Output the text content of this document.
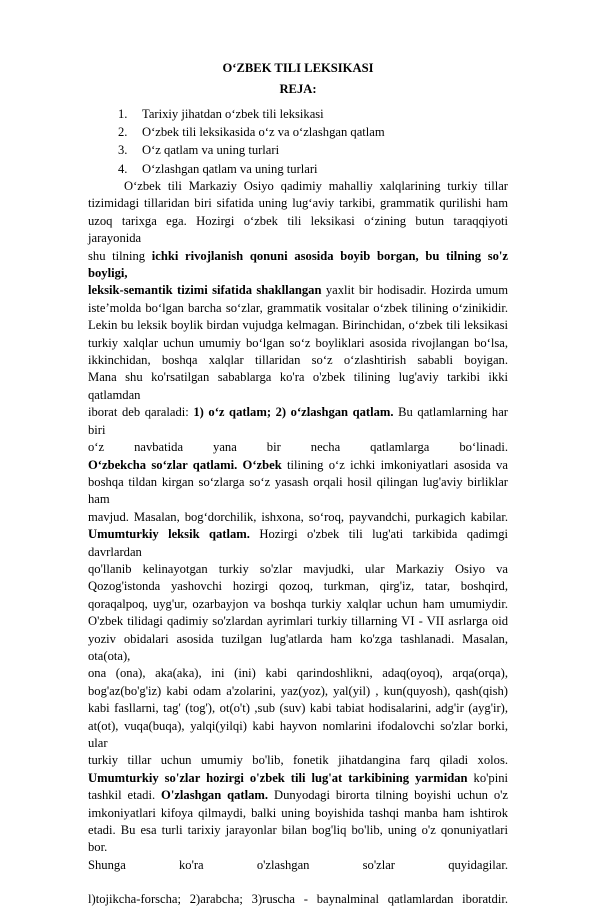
O‘ZBEK TILI LEKSIKASI
REJA:
1. Tarixiy jihatdan o‘zbek tili leksikasi
2. O‘zbek tili leksikasida o‘z va o‘zlashgan qatlam
3. O‘z qatlam va uning turlari
4. O‘zlashgan qatlam va uning turlari

O‘zbek tili Markaziy Osiyo qadimiy mahalliy xalqlarining turkiy tillar

tizimidagi tillaridan biri sifatida uning lug‘aviy tarkibi, grammatik qurilishi ham

uzoq tarixga ega. Hozirgi o‘zbek tili leksikasi o‘zining butun taraqqiyoti jarayonida

shu tilning ichki rivojlanish qonuni asosida boyib borgan, bu tilning so'z boyligi,

leksik-semantik tizimi sifatida shakllangan yaxlit bir hodisadir. Hozirda umum

iste’molda bo‘lgan barcha so‘zlar, grammatik vositalar o‘zbek tilining o‘zinikidir.

Lekin bu leksik boylik birdan vujudga kelmagan. Birinchidan, o‘zbek tili leksikasi

turkiy xalqlar uchun umumiy bo‘lgan so‘z boyliklari asosida rivojlangan bo‘lsa,

ikkinchidan, boshqa xalqlar tillaridan so‘z o‘zlashtirish sababli boyigan.

Mana shu ko'rsatilgan sabablarga ko'ra o'zbek tilining lug'aviy tarkibi ikki qatlamdan

iborat deb qaraladi: 1) o‘z qatlam; 2) o‘zlashgan qatlam. Bu qatlamlarning har biri

o‘z navbatida yana bir necha qatlamlarga bo‘linadi.

O‘zbekcha so‘zlar qatlami. O‘zbek tilining o‘z ichki imkoniyatlari asosida va

boshqa tildan kirgan so‘zlarga so‘z yasash orqali hosil qilingan lug'aviy birliklar ham

mavjud. Masalan, bog‘dorchilik, ishxona, so‘roq, payvandchi, purkagich kabilar.

Umumturkiy leksik qatlam. Hozirgi o'zbek tili lug'ati tarkibida qadimgi davrlardan

qo'llanib kelinayotgan turkiy so'zlar mavjudki, ular Markaziy Osiyo va

Qozog'istonda yashovchi hozirgi qozoq, turkman, qirg'iz, tatar, boshqird,

qoraqalpoq, uyg'ur, ozarbayjon va boshqa turkiy xalqlar uchun ham umumiydir.

O'zbek tilidagi qadimiy so'zlardan ayrimlari turkiy tillarning VI - VII asrlarga oid

yoziv obidalari asosida tuzilgan lug'atlarda ham ko'zga tashlanadi. Masalan, ota(ota),

ona (ona), aka(aka), ini (ini) kabi qarindoshlikni, adaq(oyoq), arqa(orqa),

bog'az(bo'g'iz) kabi odam a'zolarini, yaz(yoz), yal(yil) , kun(quyosh), qash(qish)

kabi fasllarni, tag' (tog'), ot(o't) ,sub (suv) kabi tabiat hodisalarini, adg'ir (ayg'ir),

at(ot), vuqa(buqa), yalqi(yilqi) kabi hayvon nomlarini ifodalovchi so'zlar borki, ular

turkiy tillar uchun umumiy bo'lib, fonetik jihatdangina farq qiladi xolos.

Umumturkiy so'zlar hozirgi o'zbek tili lug'at tarkibining yarmidan ko'pini

tashkil etadi. O'zlashgan qatlam. Dunyodagi birorta tilning boyishi uchun o'z

imkoniyatlari kifoya qilmaydi, balki uning boyishida tashqi manba ham ishtirok

etadi. Bu esa turli tarixiy jarayonlar bilan bog'liq bo'lib, uning o'z qonuniyatlari bor.

Shunga ko'ra o'zlashgan so'zlar quyidagilar.

l)tojikcha-forscha; 2)arabcha; 3)ruscha - baynalminal qatlamlardan iboratdir.
